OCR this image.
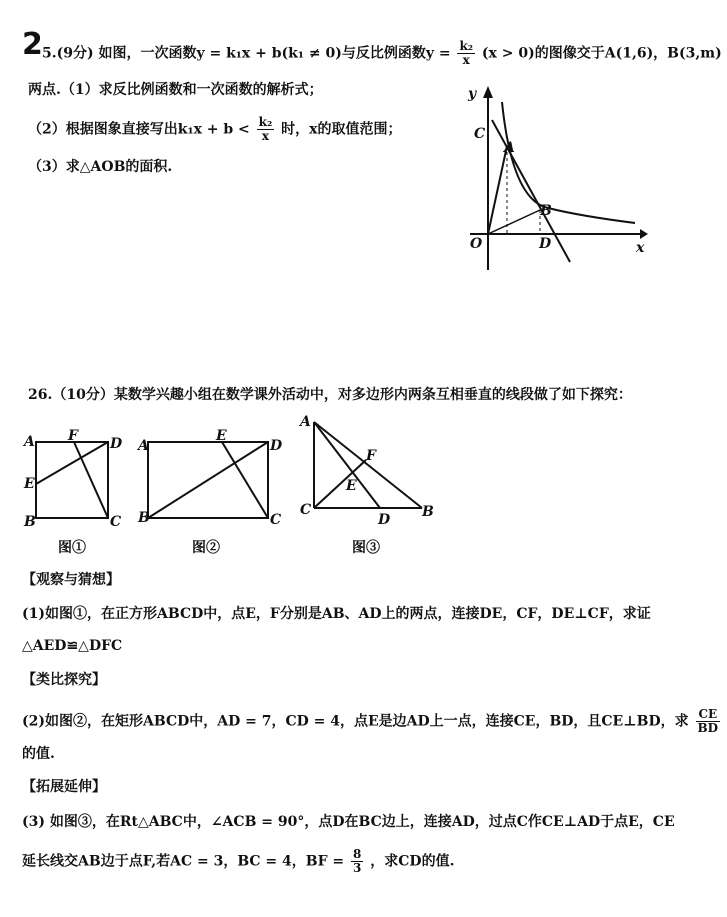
2 5.(9分) 如图，一次函数y = k₁x + b(k₁ ≠ 0)与反比例函数$y = \frac{\text{k₂}}{x} (x > 0)$的图像交于A(1,6)，B(3,m)
两点.（1）求反比例函数和一次函数的解析式；
（2）根据图象直接写出$k_1x + b < \frac{\text{k₂}}{x}$ 时，x的取值范围；
（3）求△AOB的面积.
y
x
O
A
B
C
D
26.（10分）某数学兴趣小组在数学课外活动中，对多边形内两条互相垂直的线段做了如下探究：
A F D
E
B	C
图①
A
E
D
B	C
图②
A
F
E
C
D B
图③
【观察与猜想】
(1)如图①，在正方形ABCD中，点E，F分别是AB、AD上的两点，连接DE，CF，DE⊥CF，求证
△AED≌△DFC
【类比探究】
(2)如图②，在矩形ABCD中，AD = 7，CD = 4，点E是边AD上一点，连接CE，BD，且CE⊥BD，求 $\frac{CE}{BD}$
的值.
【拓展延伸】
(3) 如图③，在Rt△ABC中，∠ACB = 90°，点D在BC边上，连接AD，过点C作CE⊥AD于点E，CE
延长线交AB边于点F,若AC = 3，BC = 4，BF = $\frac{8}{3}$ ，求CD的值.
